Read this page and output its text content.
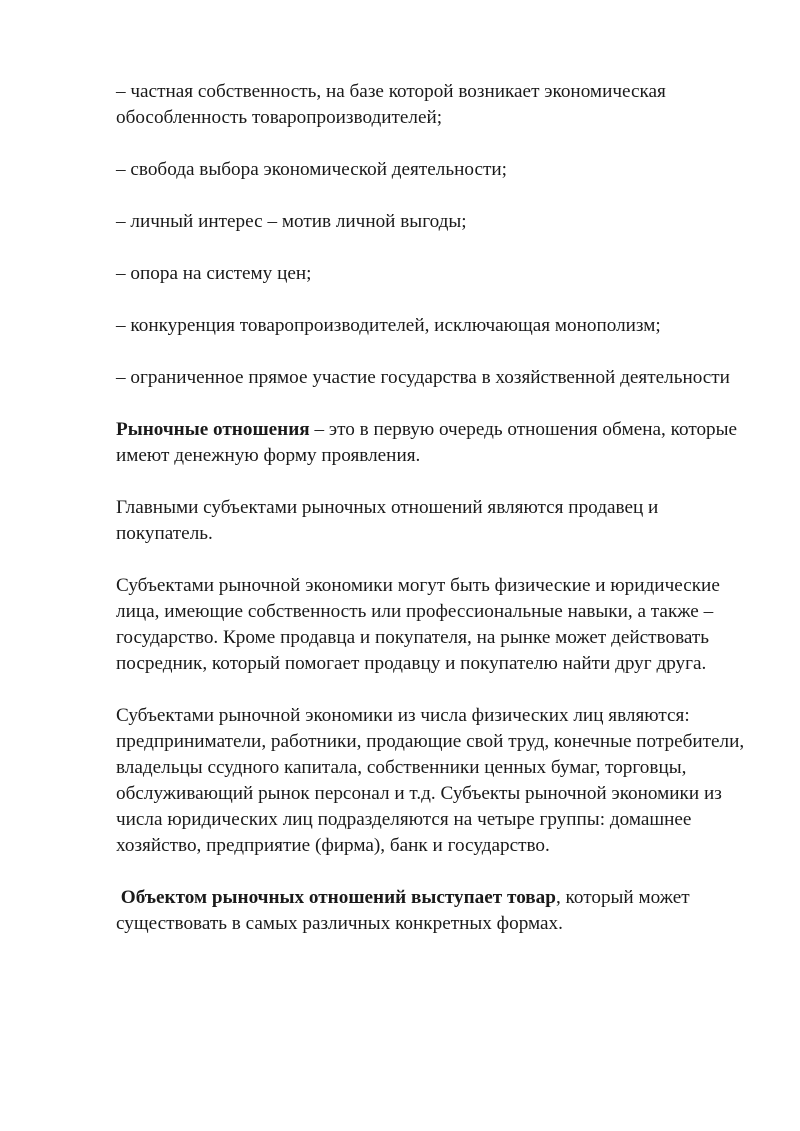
– частная собственность, на базе которой возникает экономическая обособленность товаропроизводителей;

– свобода выбора экономической деятельности;

– личный интерес – мотив личной выгоды;

– опора на систему цен;

– конкуренция товаропроизводителей, исключающая монополизм;

– ограниченное прямое участие государства в хозяйственной деятельности

Рыночные отношения – это в первую очередь отношения обмена, которые имеют денежную форму проявления.

Главными субъектами рыночных отношений являются продавец и покупатель.

Субъектами рыночной экономики могут быть физические и юридические лица, имеющие собственность или профессиональные навыки, а также – государство. Кроме продавца и покупателя, на рынке может действовать посредник, который помогает продавцу и покупателю найти друг друга.

Субъектами рыночной экономики из числа физических лиц являются: предприниматели, работники, продающие свой труд, конечные потребители, владельцы ссудного капитала, собственники ценных бумаг, торговцы, обслуживающий рынок персонал и т.д. Субъекты рыночной экономики из числа юридических лиц подразделяются на четыре группы: домашнее хозяйство, предприятие (фирма), банк и государство.

Объектом рыночных отношений выступает товар, который может существовать в самых различных конкретных формах.
